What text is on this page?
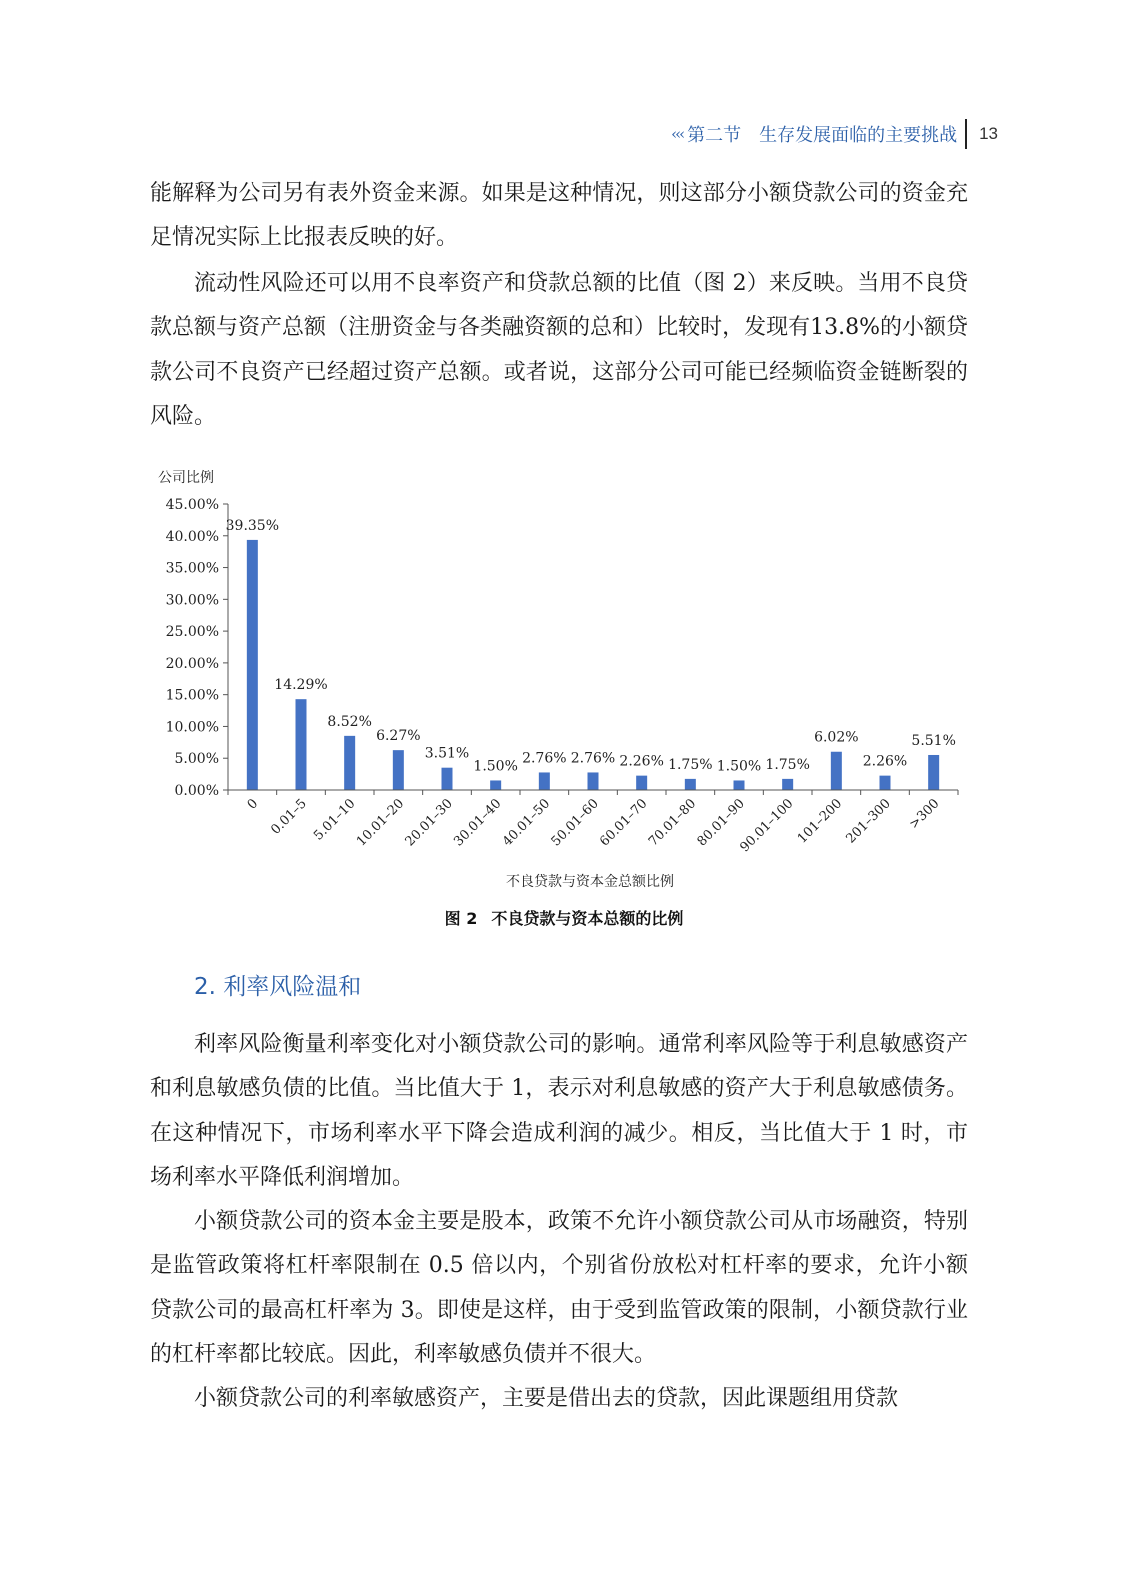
‹‹‹ 第二节 生存发展面临的主要挑战 13

能解释为公司另有表外资金来源。如果是这种情况，则这部分小额贷款公司的资金充足情况实际上比报表反映的好。

流动性风险还可以用不良率资产和贷款总额的比值（图 2）来反映。当用不良贷款总额与资产总额（注册资金与各类融资额的总和）比较时，发现有13.8%的小额贷款公司不良资产已经超过资产总额。或者说，这部分公司可能已经频临资金链断裂的风险。

公司比例
0.00%
5.00%
10.00%
15.00%
20.00%
25.00%
30.00%
35.00%
40.00%
45.00%
39.35%
14.29%
8.52%
6.27%
3.51%
1.50%
2.76% 2.76% 2.26% 1.75% 1.50% 1.75%
6.02%
2.26%
5.51%
0 0.01–5 5.01–10
10.01–20
20.01–30
30.01–40
40.01–50
50.01–60
60.01–70
70.01–80
80.01–90
90.01–100
101–200
201–300 >300
不良贷款与资本金总额比例
图 2 不良贷款与资本总额的比例
2. 利率风险温和

利率风险衡量利率变化对小额贷款公司的影响。通常利率风险等于利息敏感资产和利息敏感负债的比值。当比值大于 1，表示对利息敏感的资产大于利息敏感债务。在这种情况下，市场利率水平下降会造成利润的减少。相反，当比值大于 1 时，市场利率水平降低利润增加。

小额贷款公司的资本金主要是股本，政策不允许小额贷款公司从市场融资，特别是监管政策将杠杆率限制在 0.5 倍以内，个别省份放松对杠杆率的要求，允许小额贷款公司的最高杠杆率为 3。即使是这样，由于受到监管政策的限制，小额贷款行业的杠杆率都比较底。因此，利率敏感负债并不很大。

小额贷款公司的利率敏感资产，主要是借出去的贷款，因此课题组用贷款
